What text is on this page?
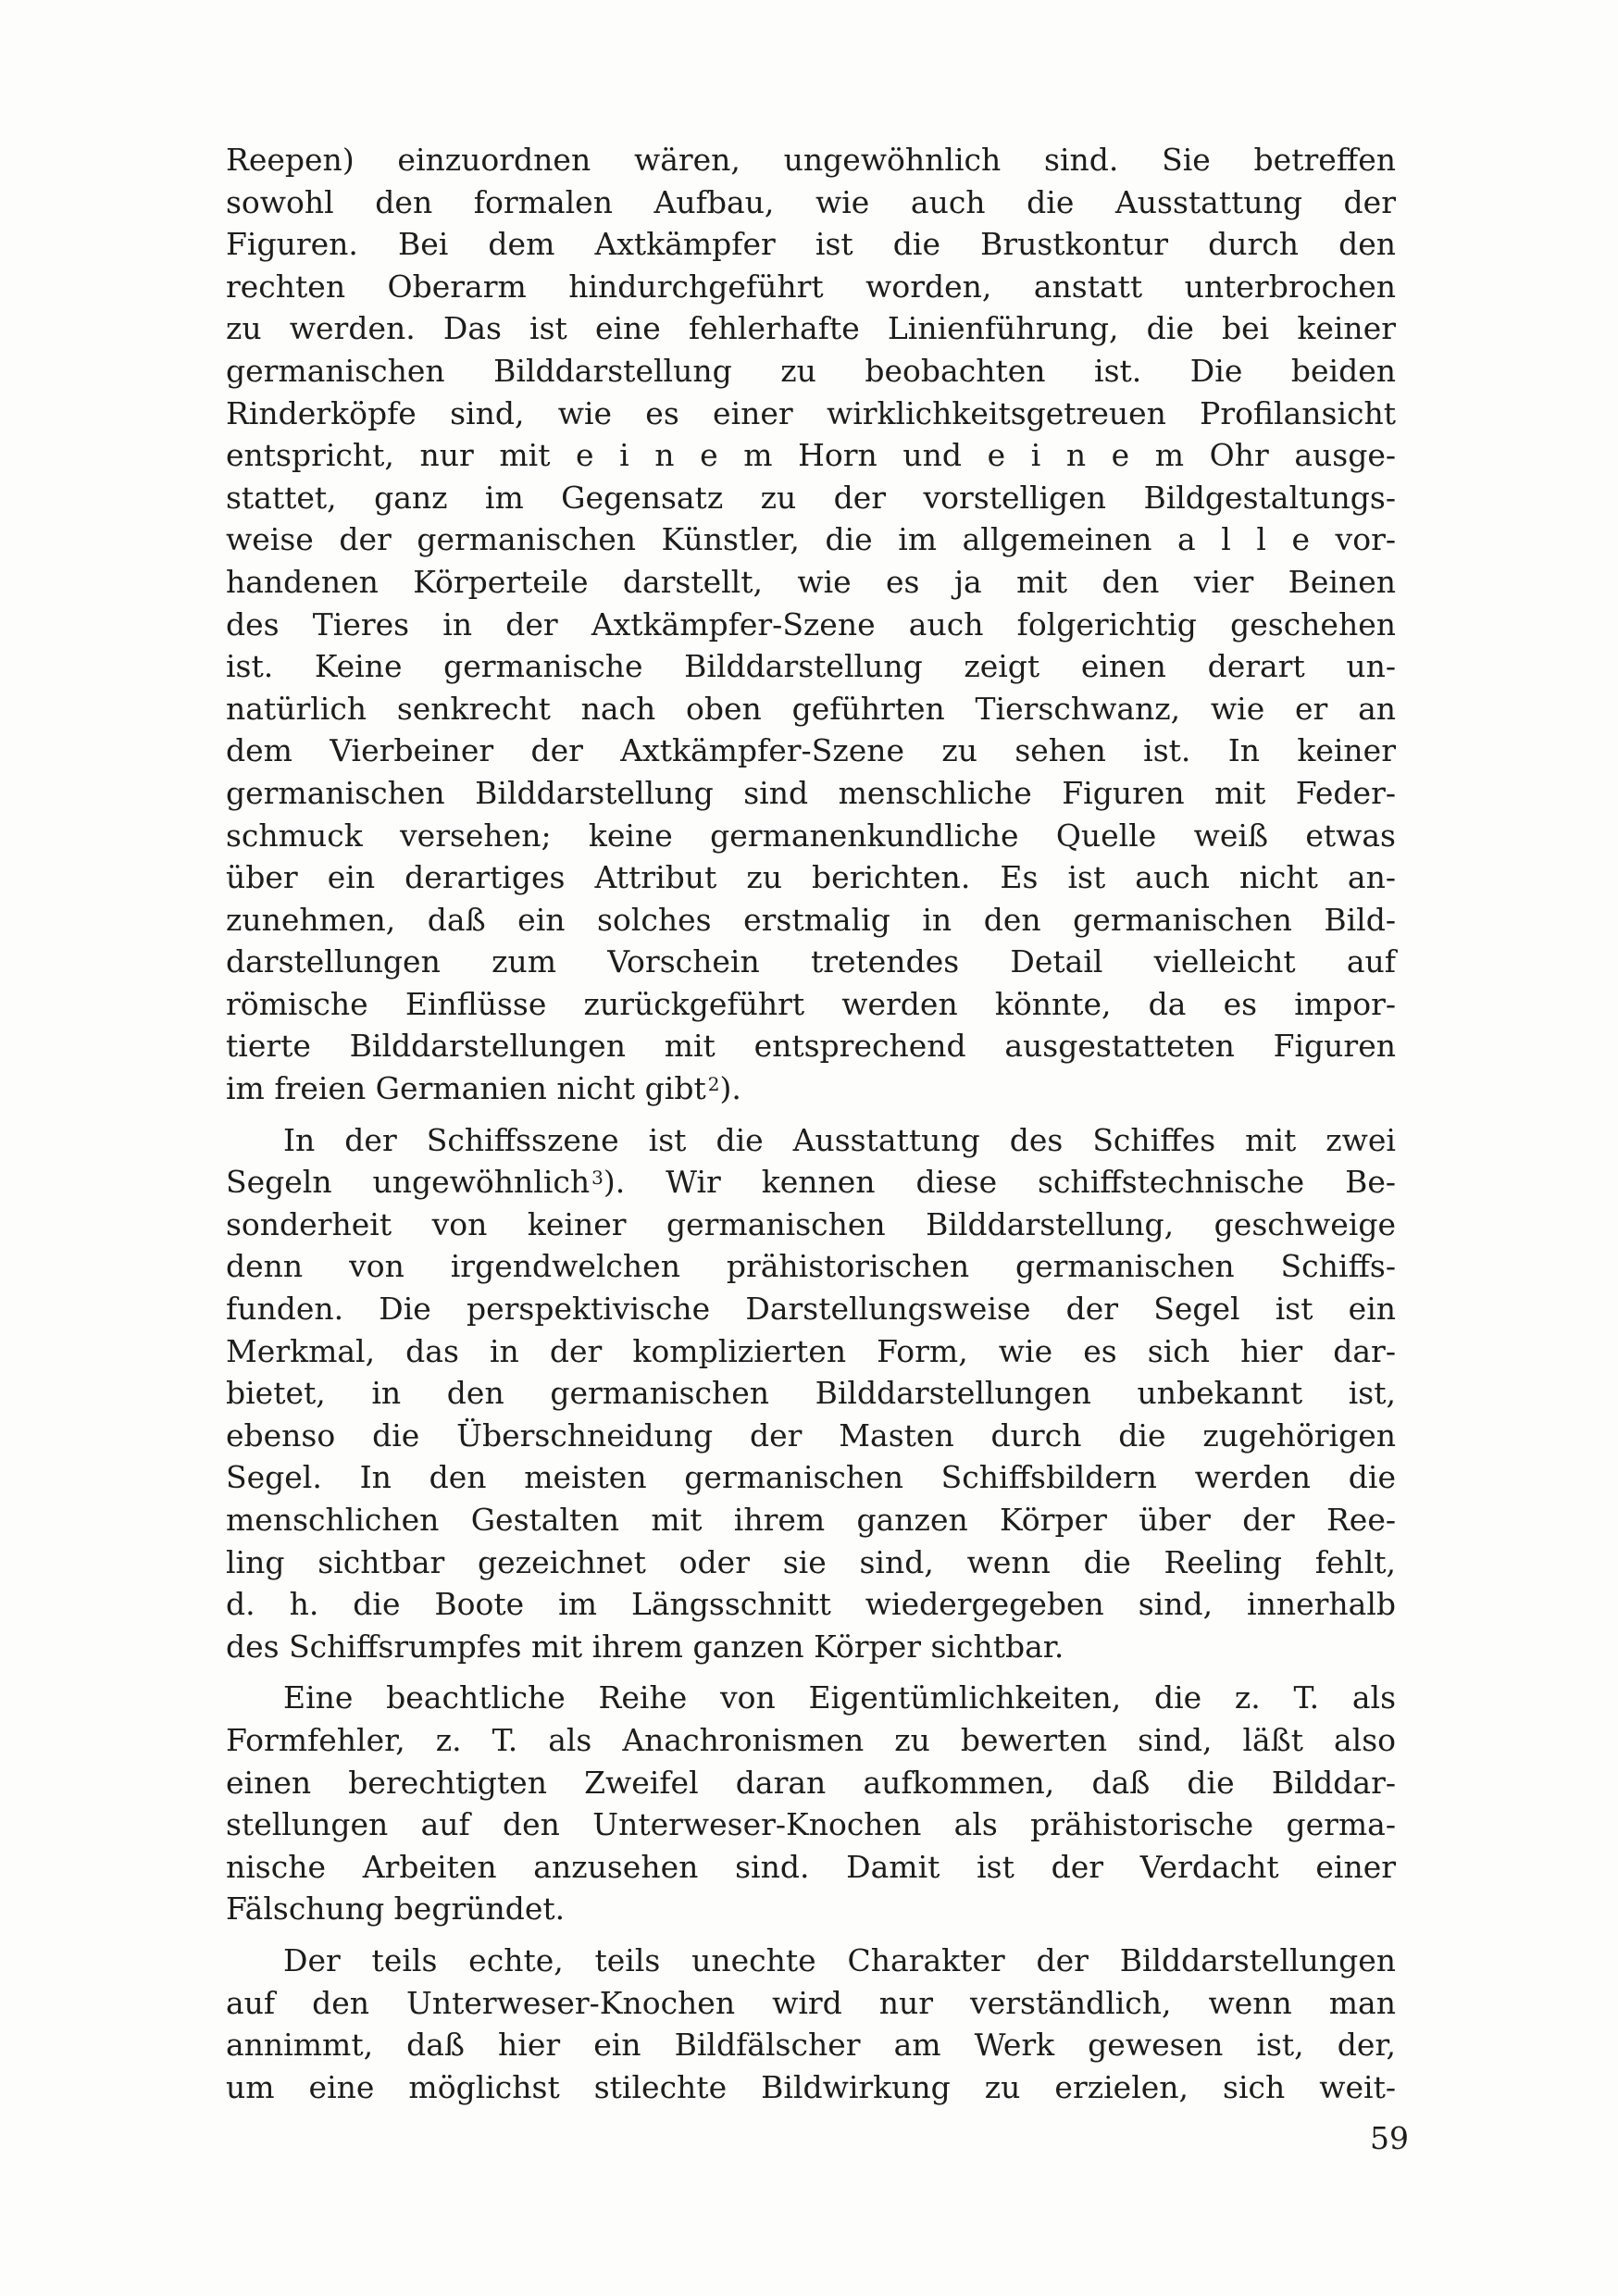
Reepen) einzuordnen wären, ungewöhnlich sind. Sie betreffen
sowohl den formalen Aufbau, wie auch die Ausstattung der
Figuren. Bei dem Axtkämpfer ist die Brustkontur durch den
rechten Oberarm hindurchgeführt worden, anstatt unterbrochen
zu werden. Das ist eine fehlerhafte Linienführung, die bei keiner
germanischen Bilddarstellung zu beobachten ist. Die beiden
Rinderköpfe sind, wie es einer wirklichkeitsgetreuen Profilansicht
entspricht, nur mit e i n e m Horn und e i n e m Ohr ausge-
stattet, ganz im Gegensatz zu der vorstelligen Bildgestaltungs-
weise der germanischen Künstler, die im allgemeinen a l l e vor-
handenen Körperteile darstellt, wie es ja mit den vier Beinen
des Tieres in der Axtkämpfer-Szene auch folgerichtig geschehen
ist. Keine germanische Bilddarstellung zeigt einen derart un-
natürlich senkrecht nach oben geführten Tierschwanz, wie er an
dem Vierbeiner der Axtkämpfer-Szene zu sehen ist. In keiner
germanischen Bilddarstellung sind menschliche Figuren mit Feder-
schmuck versehen; keine germanenkundliche Quelle weiß etwas
über ein derartiges Attribut zu berichten. Es ist auch nicht an-
zunehmen, daß ein solches erstmalig in den germanischen Bild-
darstellungen zum Vorschein tretendes Detail vielleicht auf
römische Einflüsse zurückgeführt werden könnte, da es impor-
tierte Bilddarstellungen mit entsprechend ausgestatteten Figuren
im freien Germanien nicht gibt $^2$).

In der Schiffsszene ist die Ausstattung des Schiffes mit zwei
Segeln ungewöhnlich $^3$). Wir kennen diese schiffstechnische Be-
sonderheit von keiner germanischen Bilddarstellung, geschweige
denn von irgendwelchen prähistorischen germanischen Schiffs-
funden. Die perspektivische Darstellungsweise der Segel ist ein
Merkmal, das in der komplizierten Form, wie es sich hier dar-
bietet, in den germanischen Bilddarstellungen unbekannt ist,
ebenso die Überschneidung der Masten durch die zugehörigen
Segel. In den meisten germanischen Schiffsbildern werden die
menschlichen Gestalten mit ihrem ganzen Körper über der Ree-
ling sichtbar gezeichnet oder sie sind, wenn die Reeling fehlt,
d. h. die Boote im Längsschnitt wiedergegeben sind, innerhalb
des Schiffsrumpfes mit ihrem ganzen Körper sichtbar.

Eine beachtliche Reihe von Eigentümlichkeiten, die z. T. als
Formfehler, z. T. als Anachronismen zu bewerten sind, läßt also
einen berechtigten Zweifel daran aufkommen, daß die Bilddar-
stellungen auf den Unterweser-Knochen als prähistorische germa-
nische Arbeiten anzusehen sind. Damit ist der Verdacht einer
Fälschung begründet.

Der teils echte, teils unechte Charakter der Bilddarstellungen
auf den Unterweser-Knochen wird nur verständlich, wenn man
annimmt, daß hier ein Bildfälscher am Werk gewesen ist, der,
um eine möglichst stilechte Bildwirkung zu erzielen, sich weit-

59
